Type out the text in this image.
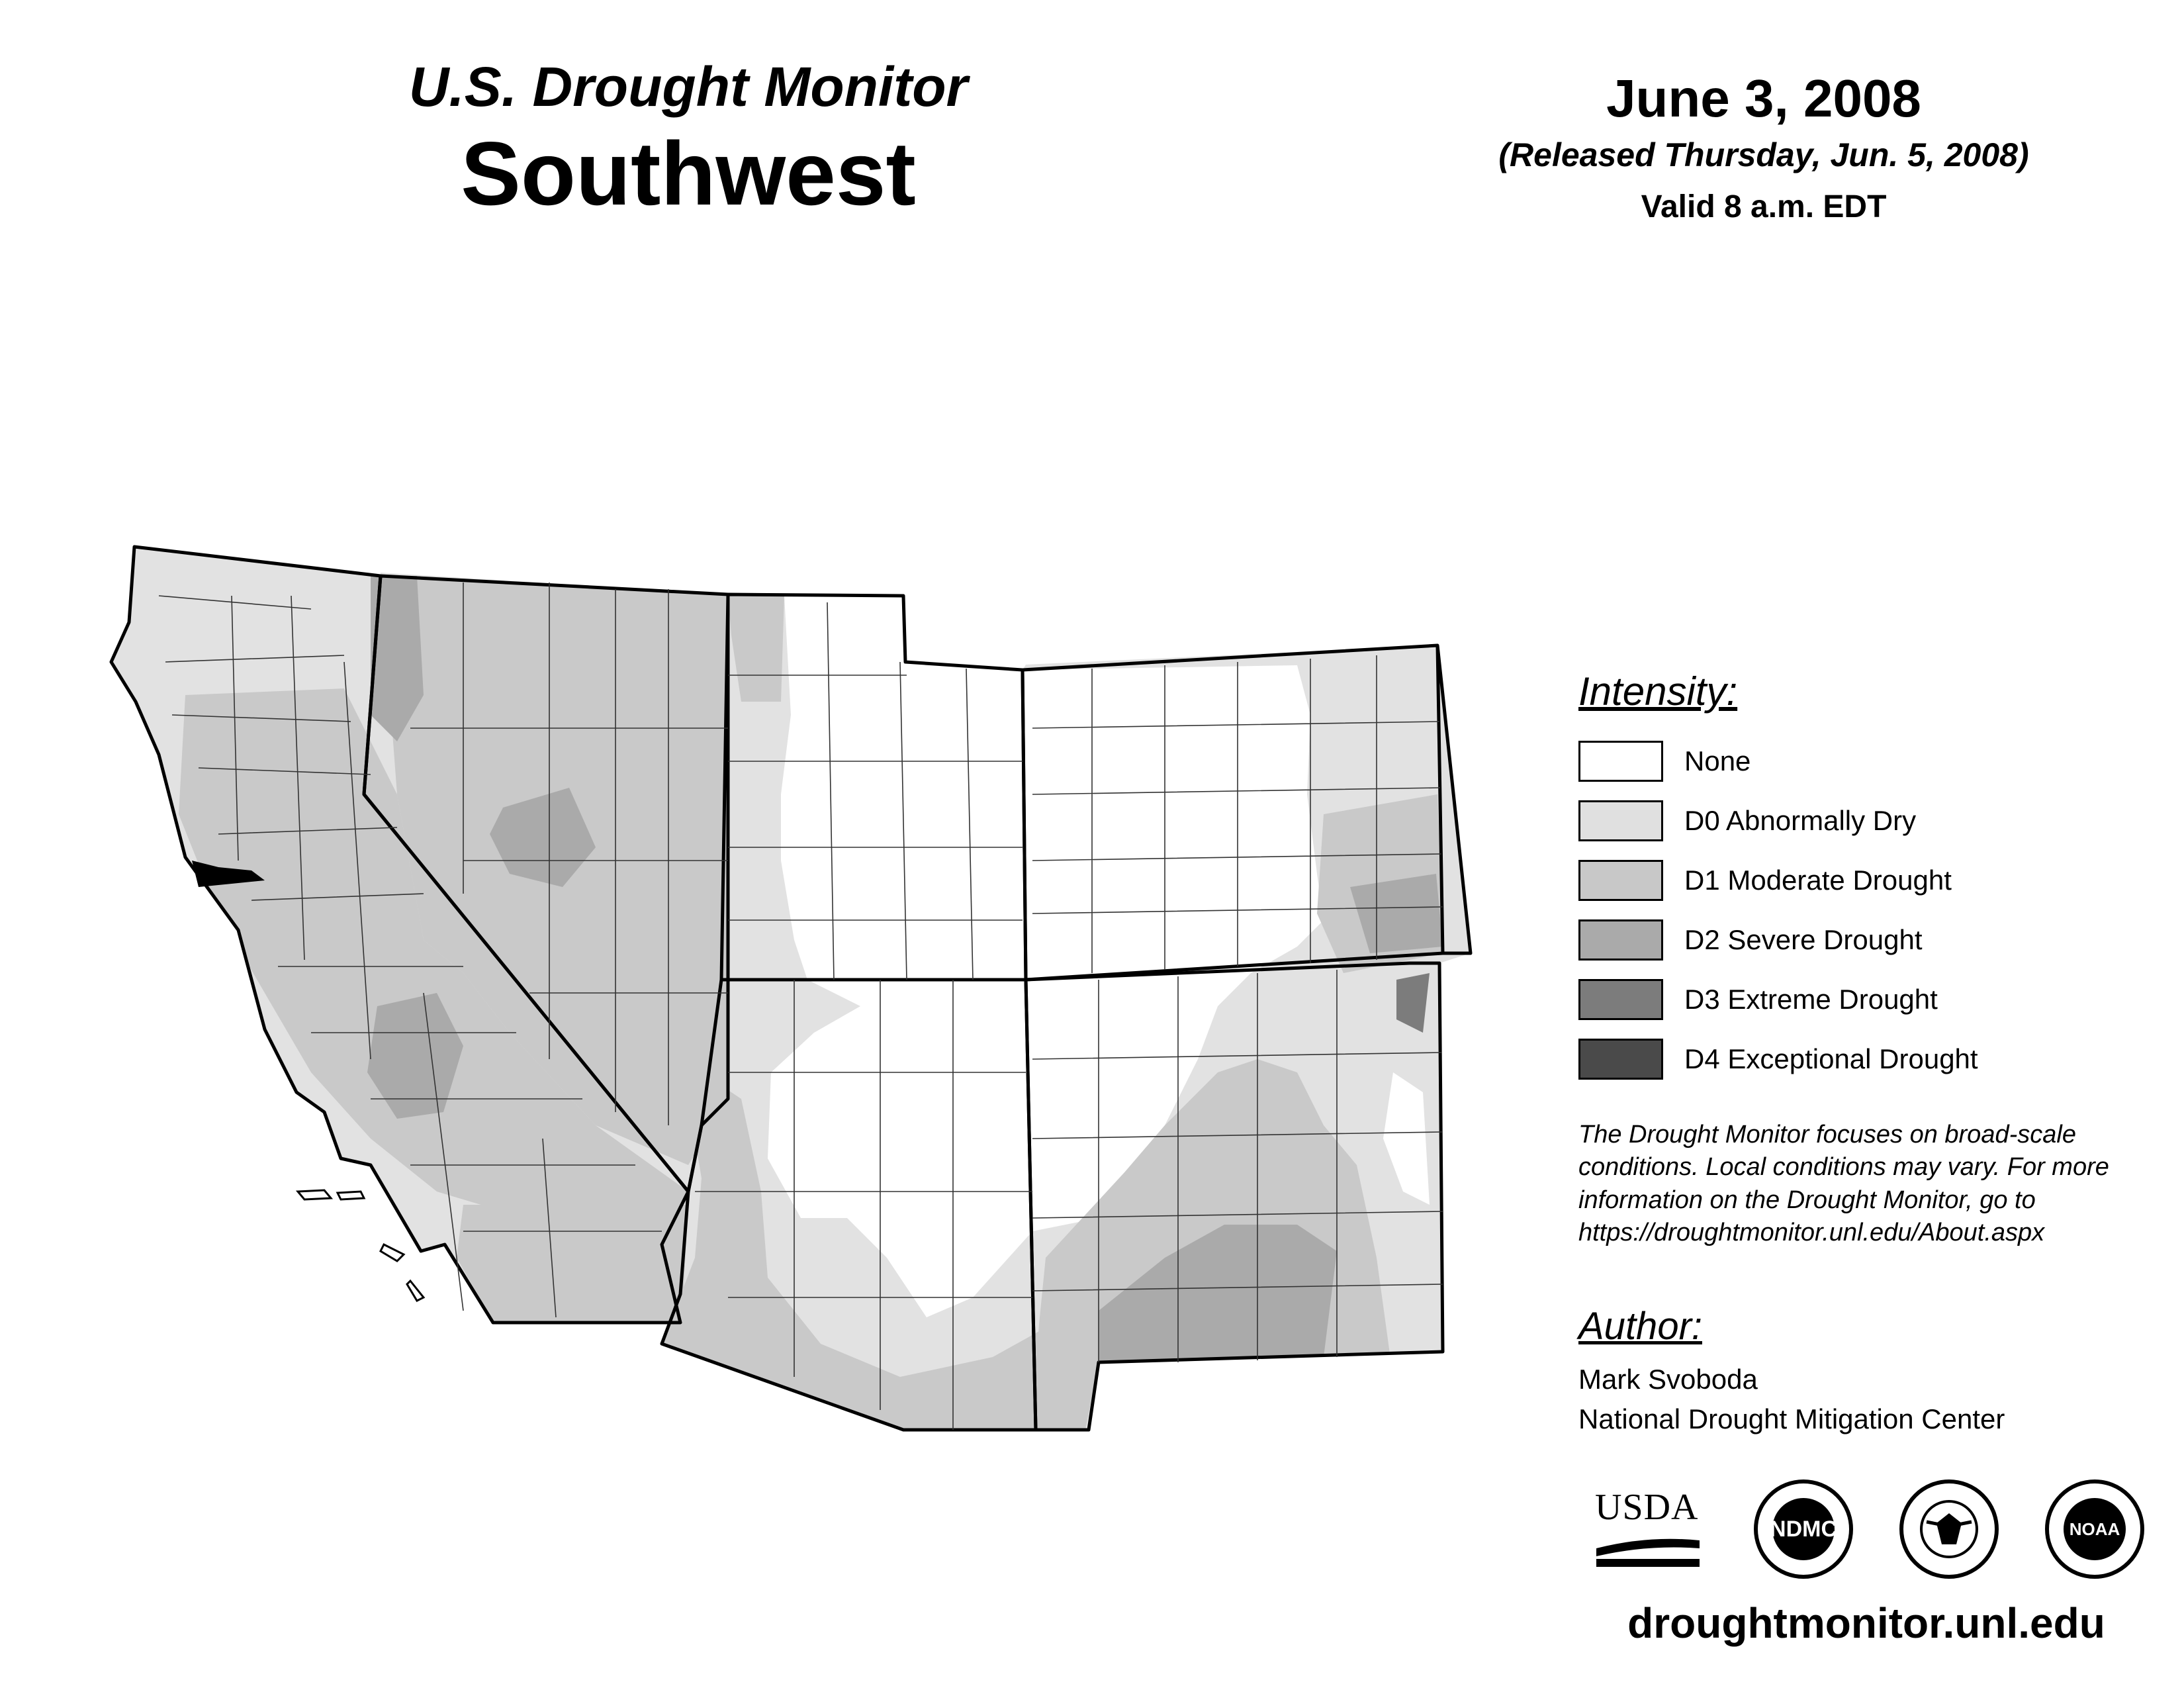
U.S. Drought Monitor
Southwest
June 3, 2008
(Released Thursday, Jun. 5, 2008)
Valid 8 a.m. EDT
Intensity:
None
D0 Abnormally Dry
D1 Moderate Drought
D2 Severe Drought
D3 Extreme Drought
D4 Exceptional Drought
The Drought Monitor focuses on broad-scale conditions. Local conditions may vary. For more information on the Drought Monitor, go to https://droughtmonitor.unl.edu/About.aspx
Author:
Mark Svoboda
National Drought Mitigation Center
USDA
NDMC	NOAA
droughtmonitor.unl.edu
